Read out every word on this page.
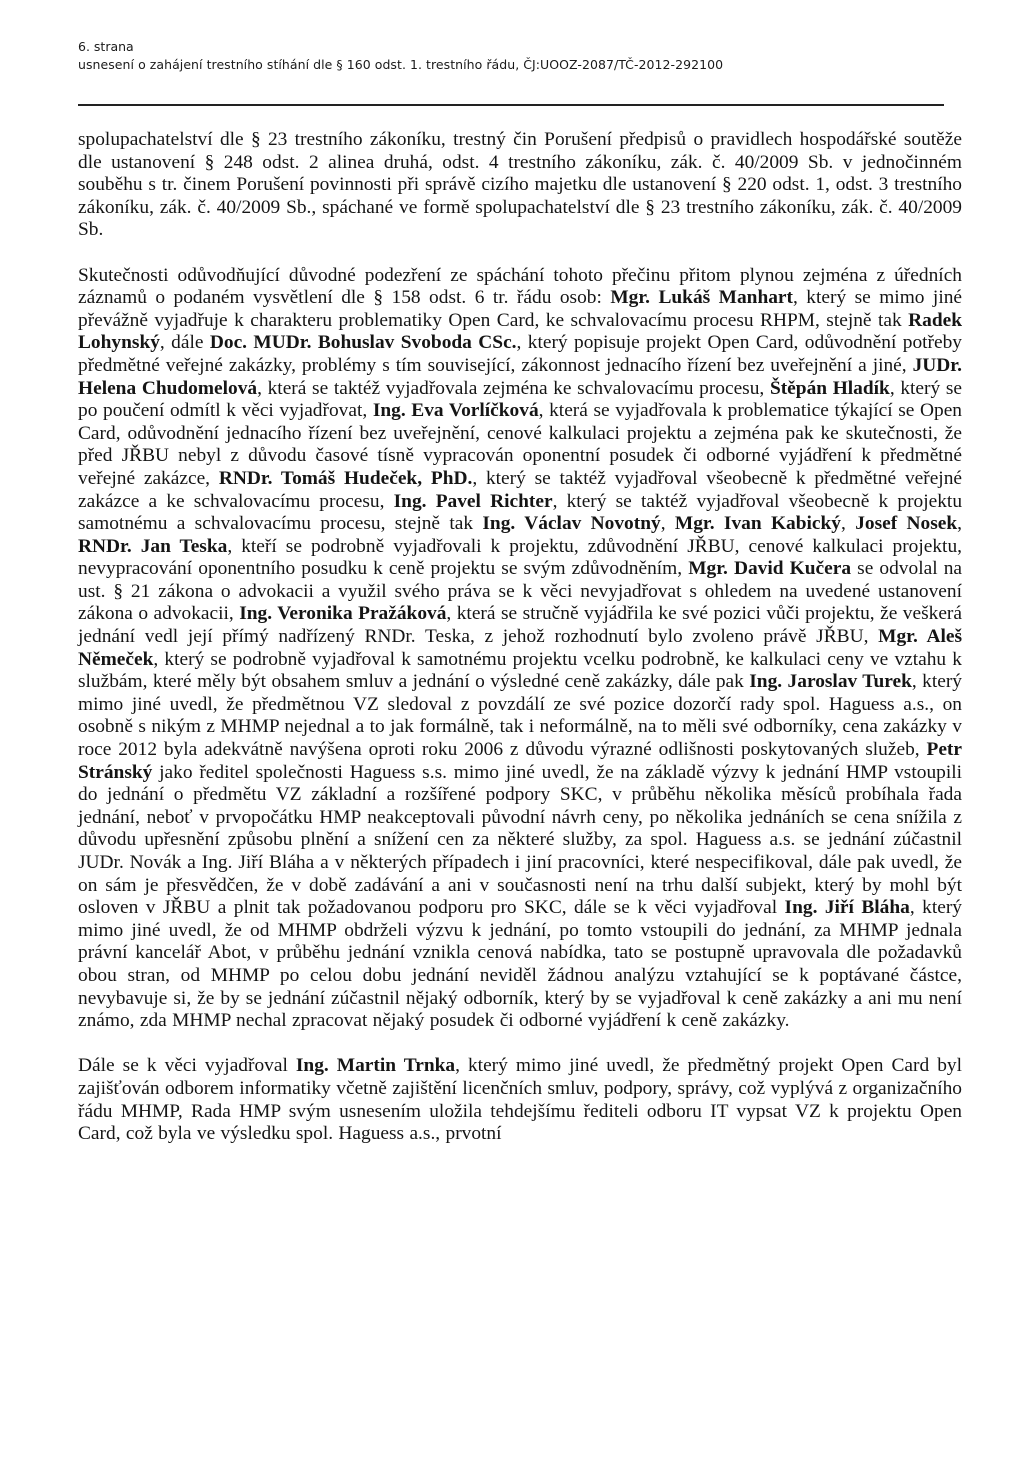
6. strana
usnesení o zahájení trestního stíhání dle § 160 odst. 1. trestního řádu, ČJ:UOOZ-2087/TČ-2012-292100

spolupachatelství dle § 23 trestního zákoníku, trestný čin Porušení předpisů o pravidlech hospodářské soutěže dle ustanovení § 248 odst. 2 alinea druhá, odst. 4 trestního zákoníku, zák. č. 40/2009 Sb. v jednočinném souběhu s tr. činem Porušení povinnosti při správě cizího majetku dle ustanovení § 220 odst. 1, odst. 3 trestního zákoníku, zák. č. 40/2009 Sb., spáchané ve formě spolupachatelství dle § 23 trestního zákoníku, zák. č. 40/2009 Sb.

Skutečnosti odůvodňující důvodné podezření ze spáchání tohoto přečinu přitom plynou zejména z úředních záznamů o podaném vysvětlení dle § 158 odst. 6 tr. řádu osob: Mgr. Lukáš Manhart, který se mimo jiné převážně vyjadřuje k charakteru problematiky Open Card, ke schvalovacímu procesu RHPM, stejně tak Radek Lohynský, dále Doc. MUDr. Bohuslav Svoboda CSc., který popisuje projekt Open Card, odůvodnění potřeby předmětné veřejné zakázky, problémy s tím související, zákonnost jednacího řízení bez uveřejnění a jiné, JUDr. Helena Chudomelová, která se taktéž vyjadřovala zejména ke schvalovacímu procesu, Štěpán Hladík, který se po poučení odmítl k věci vyjadřovat, Ing. Eva Vorlíčková, která se vyjadřovala k problematice týkající se Open Card, odůvodnění jednacího řízení bez uveřejnění, cenové kalkulaci projektu a zejména pak ke skutečnosti, že před JŘBU nebyl z důvodu časové tísně vypracován oponentní posudek či odborné vyjádření k předmětné veřejné zakázce, RNDr. Tomáš Hudeček, PhD., který se taktéž vyjadřoval všeobecně k předmětné veřejné zakázce a ke schvalovacímu procesu, Ing. Pavel Richter, který se taktéž vyjadřoval všeobecně k projektu samotnému a schvalovacímu procesu, stejně tak Ing. Václav Novotný, Mgr. Ivan Kabický, Josef Nosek, RNDr. Jan Teska, kteří se podrobně vyjadřovali k projektu, zdůvodnění JŘBU, cenové kalkulaci projektu, nevypracování oponentního posudku k ceně projektu se svým zdůvodněním, Mgr. David Kučera se odvolal na ust. § 21 zákona o advokacii a využil svého práva se k věci nevyjadřovat s ohledem na uvedené ustanovení zákona o advokacii, Ing. Veronika Pražáková, která se stručně vyjádřila ke své pozici vůči projektu, že veškerá jednání vedl její přímý nadřízený RNDr. Teska, z jehož rozhodnutí bylo zvoleno právě JŘBU, Mgr. Aleš Němeček, který se podrobně vyjadřoval k samotnému projektu vcelku podrobně, ke kalkulaci ceny ve vztahu k službám, které měly být obsahem smluv a jednání o výsledné ceně zakázky, dále pak Ing. Jaroslav Turek, který mimo jiné uvedl, že předmětnou VZ sledoval z povzdálí ze své pozice dozorčí rady spol. Haguess a.s., on osobně s nikým z MHMP nejednal a to jak formálně, tak i neformálně, na to měli své odborníky, cena zakázky v roce 2012 byla adekvátně navýšena oproti roku 2006 z důvodu výrazné odlišnosti poskytovaných služeb, Petr Stránský jako ředitel společnosti Haguess s.s. mimo jiné uvedl, že na základě výzvy k jednání HMP vstoupili do jednání o předmětu VZ základní a rozšířené podpory SKC, v průběhu několika měsíců probíhala řada jednání, neboť v prvopočátku HMP neakceptovali původní návrh ceny, po několika jednáních se cena snížila z důvodu upřesnění způsobu plnění a snížení cen za některé služby, za spol. Haguess a.s. se jednání zúčastnil JUDr. Novák a Ing. Jiří Bláha a v některých případech i jiní pracovníci, které nespecifikoval, dále pak uvedl, že on sám je přesvědčen, že v době zadávání a ani v současnosti není na trhu další subjekt, který by mohl být osloven v JŘBU a plnit tak požadovanou podporu pro SKC, dále se k věci vyjadřoval Ing. Jiří Bláha, který mimo jiné uvedl, že od MHMP obdrželi výzvu k jednání, po tomto vstoupili do jednání, za MHMP jednala právní kancelář Abot, v průběhu jednání vznikla cenová nabídka, tato se postupně upravovala dle požadavků obou stran, od MHMP po celou dobu jednání neviděl žádnou analýzu vztahující se k poptávané částce, nevybavuje si, že by se jednání zúčastnil nějaký odborník, který by se vyjadřoval k ceně zakázky a ani mu není známo, zda MHMP nechal zpracovat nějaký posudek či odborné vyjádření k ceně zakázky.

Dále se k věci vyjadřoval Ing. Martin Trnka, který mimo jiné uvedl, že předmětný projekt Open Card byl zajišťován odborem informatiky včetně zajištění licenčních smluv, podpory, správy, což vyplývá z organizačního řádu MHMP, Rada HMP svým usnesením uložila tehdejšímu řediteli odboru IT vypsat VZ k projektu Open Card, což byla ve výsledku spol. Haguess a.s., prvotní
